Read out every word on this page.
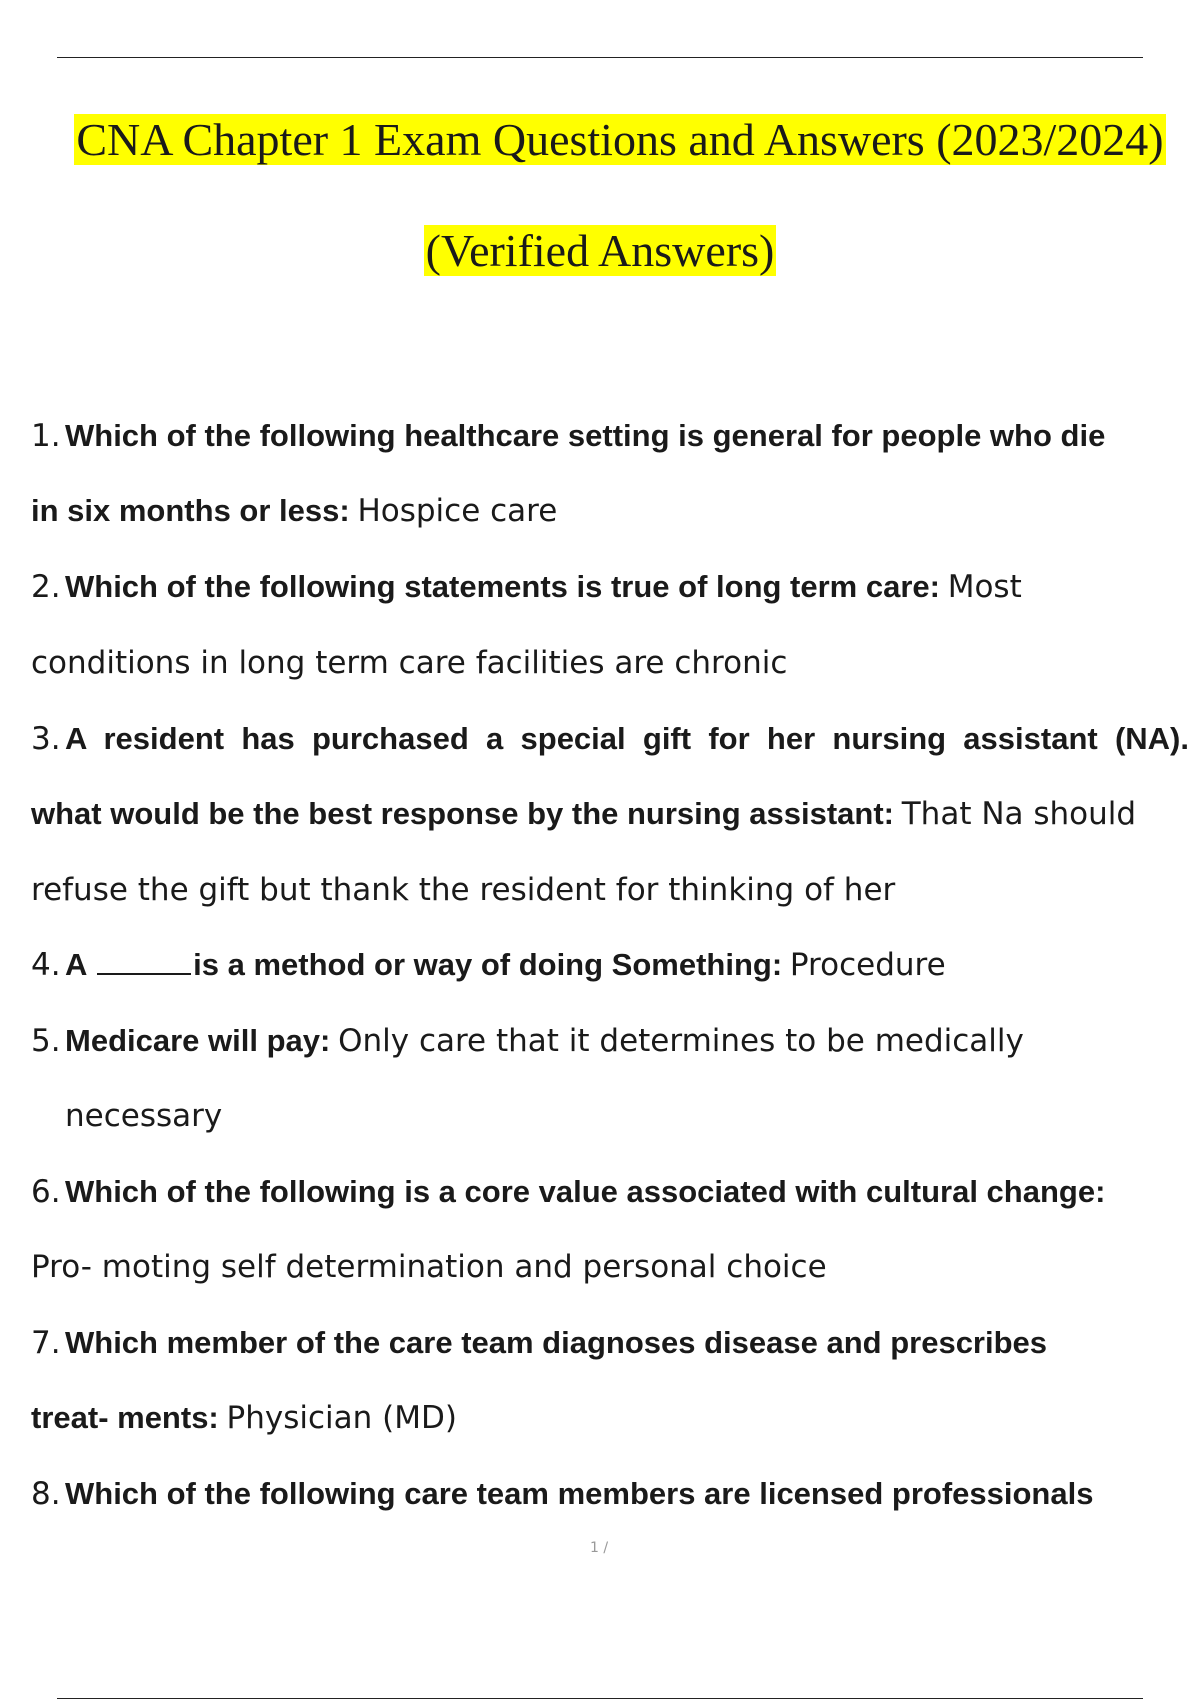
CNA Chapter 1 Exam Questions and Answers (2023/2024)
(Verified Answers)
1. Which of the following healthcare setting is general for people who die
in six months or less: Hospice care
2. Which of the following statements is true of long term care: Most
conditions in long term care facilities are chronic
3. A resident has purchased a special gift for her nursing assistant (NA).
what would be the best response by the nursing assistant: That Na should
refuse the gift but thank the resident for thinking of her
4. A	is a method or way of doing Something: Procedure
5. Medicare will pay: Only care that it determines to be medically
necessary
6. Which of the following is a core value associated with cultural change:
Pro- moting self determination and personal choice
7. Which member of the care team diagnoses disease and prescribes
treat- ments: Physician (MD)
8. Which of the following care team members are licensed professionals
1 /
